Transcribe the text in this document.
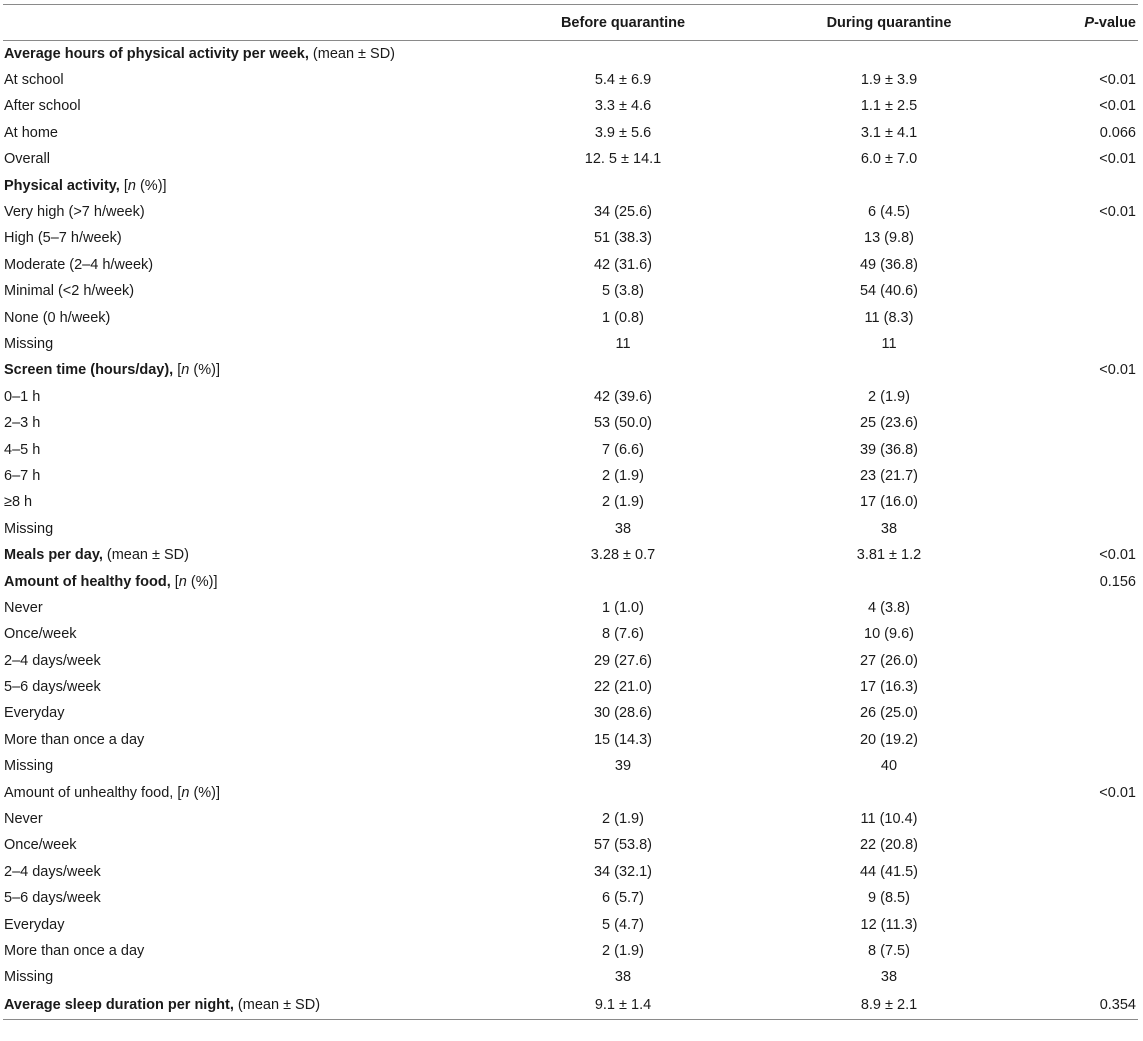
	Before quarantine	During quarantine	P-value
Average hours of physical activity per week, (mean ± SD)			
At school	5.4 ± 6.9	1.9 ± 3.9	<0.01
After school	3.3 ± 4.6	1.1 ± 2.5	<0.01
At home	3.9 ± 5.6	3.1 ± 4.1	0.066
Overall	12. 5 ± 14.1	6.0 ± 7.0	<0.01
Physical activity, [n (%)]			
Very high (>7 h/week)	34 (25.6)	6 (4.5)	<0.01
High (5–7 h/week)	51 (38.3)	13 (9.8)	
Moderate (2–4 h/week)	42 (31.6)	49 (36.8)	
Minimal (<2 h/week)	5 (3.8)	54 (40.6)	
None (0 h/week)	1 (0.8)	11 (8.3)	
Missing	11	11	
Screen time (hours/day), [n (%)]			<0.01
0–1 h	42 (39.6)	2 (1.9)	
2–3 h	53 (50.0)	25 (23.6)	
4–5 h	7 (6.6)	39 (36.8)	
6–7 h	2 (1.9)	23 (21.7)	
≥8 h	2 (1.9)	17 (16.0)	
Missing	38	38	
Meals per day, (mean ± SD)	3.28 ± 0.7	3.81 ± 1.2	<0.01
Amount of healthy food, [n (%)]			0.156
Never	1 (1.0)	4 (3.8)	
Once/week	8 (7.6)	10 (9.6)	
2–4 days/week	29 (27.6)	27 (26.0)	
5–6 days/week	22 (21.0)	17 (16.3)	
Everyday	30 (28.6)	26 (25.0)	
More than once a day	15 (14.3)	20 (19.2)	
Missing	39	40	
Amount of unhealthy food, [n (%)]			<0.01
Never	2 (1.9)	11 (10.4)	
Once/week	57 (53.8)	22 (20.8)	
2–4 days/week	34 (32.1)	44 (41.5)	
5–6 days/week	6 (5.7)	9 (8.5)	
Everyday	5 (4.7)	12 (11.3)	
More than once a day	2 (1.9)	8 (7.5)	
Missing	38	38	
Average sleep duration per night, (mean ± SD)	9.1 ± 1.4	8.9 ± 2.1	0.354
